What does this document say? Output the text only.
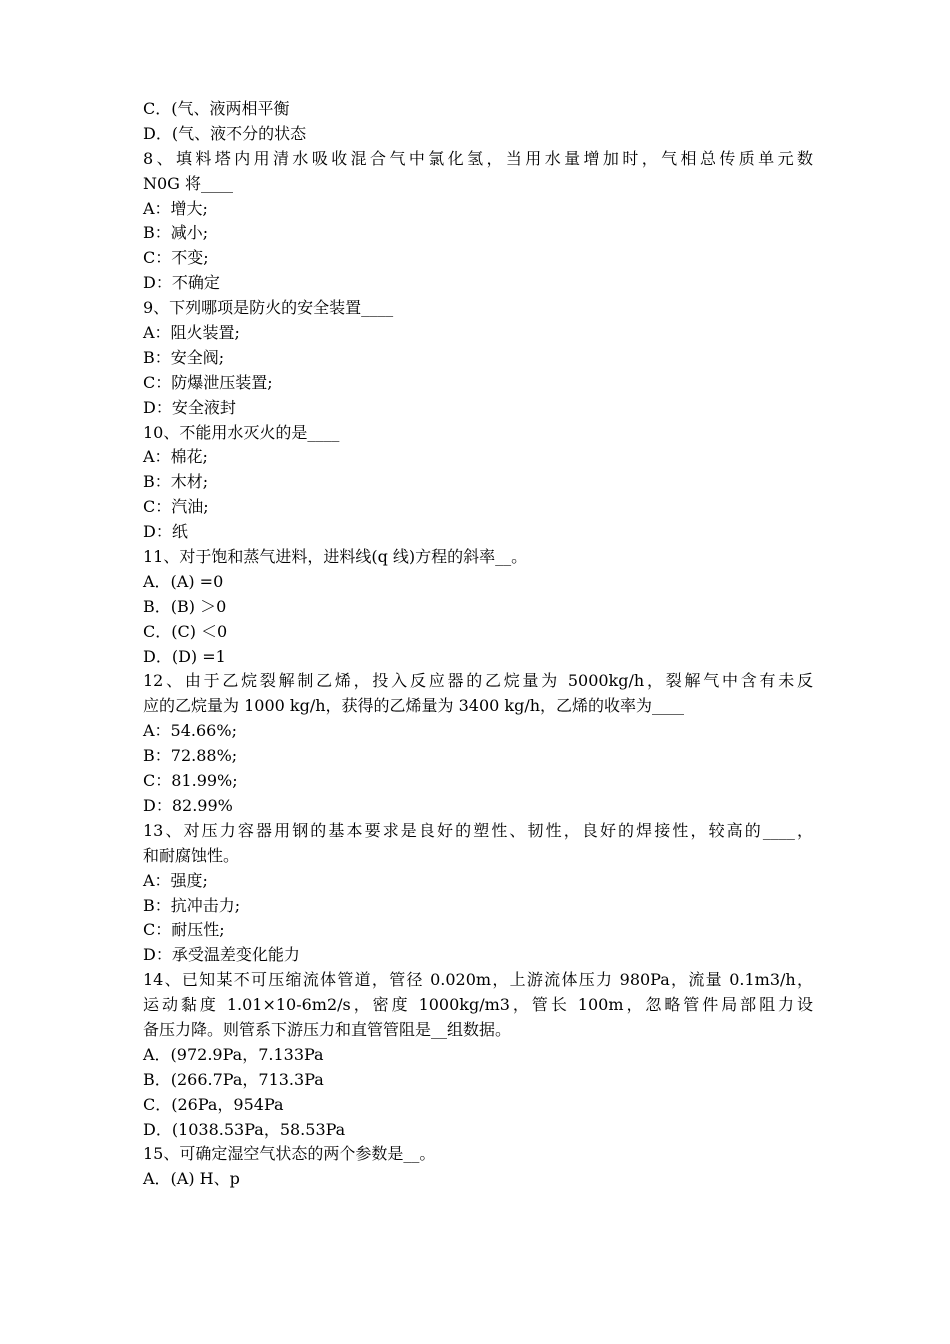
C．(气、液两相平衡
D．(气、液不分的状态
8、填料塔内用清水吸收混合气中氯化氢，当用水量增加时，气相总传质单元数
N0G 将____
A：增大;
B：减小;
C：不变;
D：不确定
9、下列哪项是防火的安全装置____
A：阻火装置;
B：安全阀;
C：防爆泄压装置;
D：安全液封
10、不能用水灭火的是____
A：棉花;
B：木材;
C：汽油;
D：纸
11、对于饱和蒸气进料，进料线(q 线)方程的斜率__。
A．(A) =0
B．(B) ＞0
C．(C) ＜0
D．(D) =1
12、由于乙烷裂解制乙烯，投入反应器的乙烷量为 5000kg/h，裂解气中含有未反
应的乙烷量为 1000 kg/h，获得的乙烯量为 3400 kg/h，乙烯的收率为____
A：54.66%;
B：72.88%;
C：81.99%;
D：82.99%
13、对压力容器用钢的基本要求是良好的塑性、韧性，良好的焊接性，较高的____，
和耐腐蚀性。
A：强度;
B：抗冲击力;
C：耐压性;
D：承受温差变化能力
14、已知某不可压缩流体管道，管径 0.020m，上游流体压力 980Pa，流量 0.1m3/h，
运动黏度 1.01×10-6m2/s，密度 1000kg/m3，管长 100m，忽略管件局部阻力设
备压力降。则管系下游压力和直管管阻是__组数据。
A．(972.9Pa，7.133Pa
B．(266.7Pa，713.3Pa
C．(26Pa，954Pa
D．(1038.53Pa，58.53Pa
15、可确定湿空气状态的两个参数是__。
A．(A) H、p
